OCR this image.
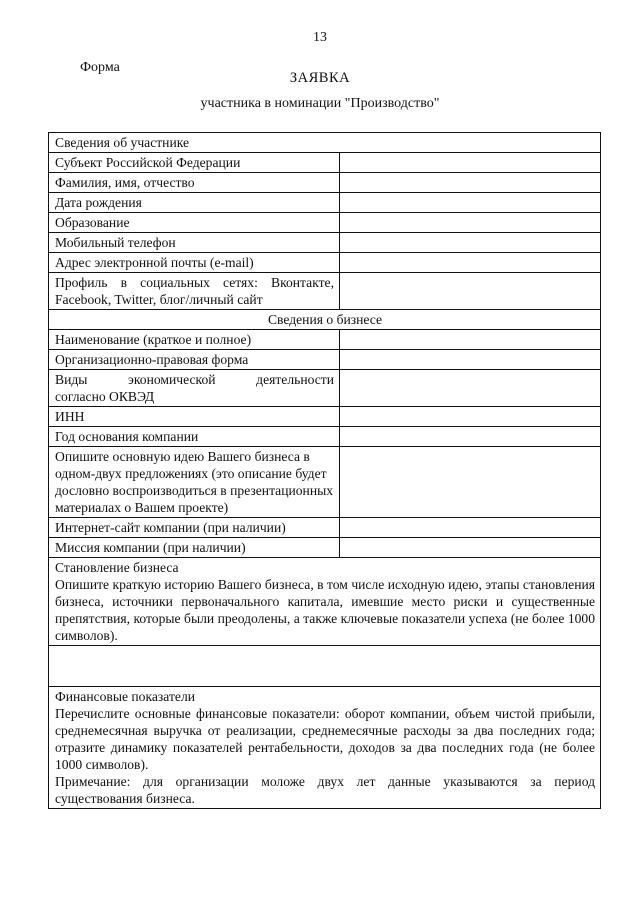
13
Форма
ЗАЯВКА
участника в номинации "Производство"
Сведения об участнике	
Субъект Российской Федерации	
Фамилия, имя, отчество	
Дата рождения	
Образование	
Мобильный телефон	
Адрес электронной почты (e-mail)	
Профиль в социальных сетях: Вконтакте, Facebook, Twitter, блог/личный сайт	
Сведения о бизнесе	
Наименование (краткое и полное)	
Организационно-правовая форма	

Виды экономической деятельности
согласно ОКВЭД	

ИНН	
Год основания компании	
Опишите основную идею Вашего бизнеса в одном-двух предложениях (это описание будет дословно воспроизводиться в презентационных материалах о Вашем проекте)	
Интернет-сайт компании (при наличии)	
Миссия компании (при наличии)	

Становление бизнеса

Опишите краткую историю Вашего бизнеса, в том числе исходную идею, этапы становления бизнеса, источники первоначального капитала, имевшие место риски и существенные препятствия, которые были преодолены, а также ключевые показатели успеха (не более 1000 символов).	

Финансовые показатели

Перечислите основные финансовые показатели: оборот компании, объем чистой прибыли, среднемесячная выручка от реализации, среднемесячные расходы за два последних года; отразите динамику показателей рентабельности, доходов за два последних года (не более 1000 символов).

Примечание: для организации моложе двух лет данные указываются за период существования бизнеса.	
